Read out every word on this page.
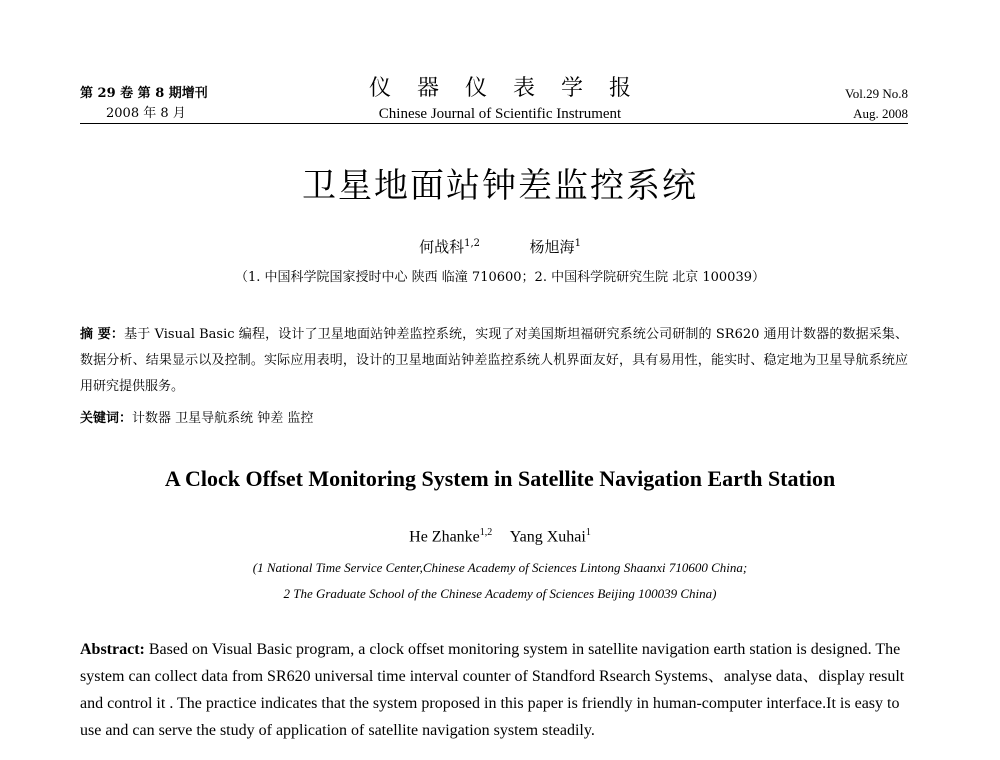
第 29 卷 第 8 期增刊
2008 年 8 月
仪器仪表学报
Chinese Journal of Scientific Instrument
Vol.29 No.8
Aug. 2008
卫星地面站钟差监控系统
何战科$^{1,2}$	杨旭海$^1$
（1. 中国科学院国家授时中心 陕西 临潼 710600；2. 中国科学院研究生院 北京 100039）
摘 要：基于 Visual Basic 编程，设计了卫星地面站钟差监控系统，实现了对美国斯坦福研究系统公司研制的 SR620 通用计数器的数据采集、数据分析、结果显示以及控制。实际应用表明，设计的卫星地面站钟差监控系统人机界面友好，具有易用性，能实时、稳定地为卫星导航系统应用研究提供服务。
关键词：计数器 卫星导航系统 钟差 监控
A Clock Offset Monitoring System in Satellite Navigation Earth Station
He Zhanke$^{1,2}$ Yang Xuhai$^1$
(1 National Time Service Center,Chinese Academy of Sciences Lintong Shaanxi 710600 China;
2 The Graduate School of the Chinese Academy of Sciences Beijing 100039 China)
Abstract: Based on Visual Basic program, a clock offset monitoring system in satellite navigation earth station is designed. The system can collect data from SR620 universal time interval counter of Standford Rsearch Systems、analyse data、display result and control it . The practice indicates that the system proposed in this paper is friendly in human-computer interface.It is easy to use and can serve the study of application of satellite navigation system steadily.
